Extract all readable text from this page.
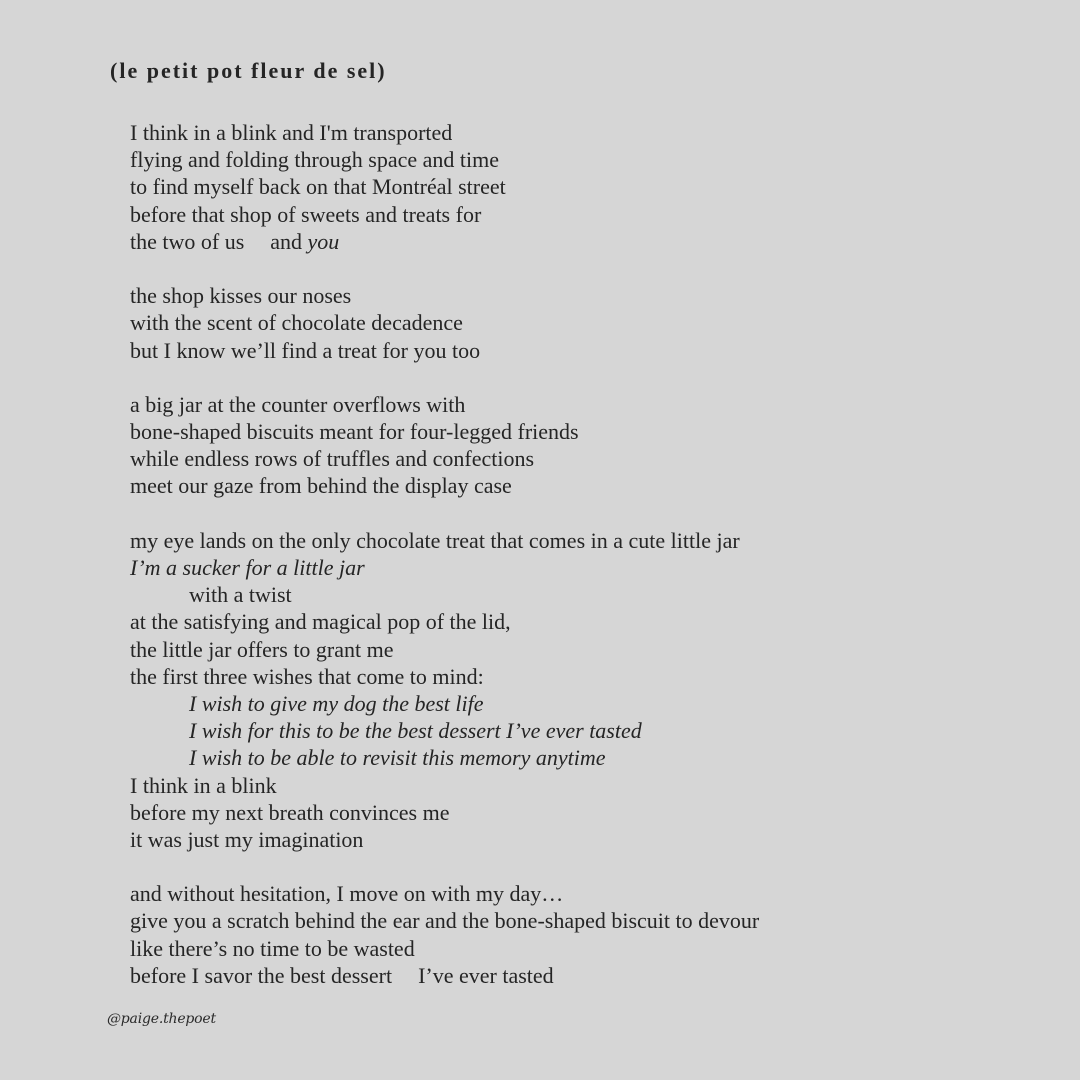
(le petit pot fleur de sel)
I think in a blink and I'm transported
flying and folding through space and time
to find myself back on that Montréal street
before that shop of sweets and treats for
the two of us and you
the shop kisses our noses
with the scent of chocolate decadence
but I know we’ll find a treat for you too
a big jar at the counter overflows with
bone-shaped biscuits meant for four-legged friends
while endless rows of truffles and confections
meet our gaze from behind the display case
my eye lands on the only chocolate treat that comes in a cute little jar
I’m a sucker for a little jar
with a twist
at the satisfying and magical pop of the lid,
the little jar offers to grant me
the first three wishes that come to mind:
I wish to give my dog the best life
I wish for this to be the best dessert I’ve ever tasted
I wish to be able to revisit this memory anytime
I think in a blink
before my next breath convinces me
it was just my imagination
and without hesitation, I move on with my day…
give you a scratch behind the ear and the bone-shaped biscuit to devour
like there’s no time to be wasted
before I savor the best dessert I’ve ever tasted
@paige.thepoet
